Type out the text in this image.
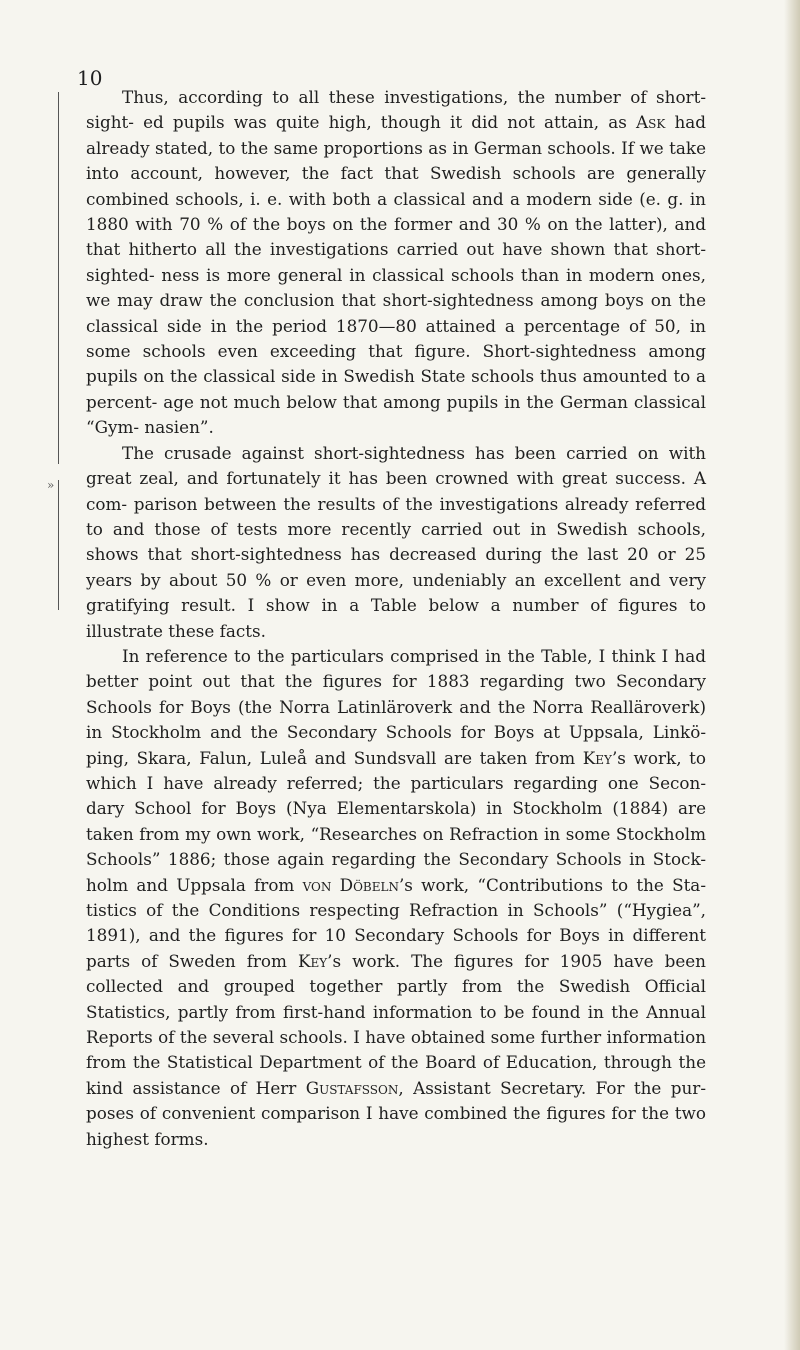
10
»

Thus, according to all these investigations, the number of short-sight- ed pupils was quite high, though it did not attain, as Ask had already stated, to the same proportions as in German schools. If we take into account, however, the fact that Swedish schools are generally combined schools, i. e. with both a classical and a modern side (e. g. in 1880 with 70 % of the boys on the former and 30 % on the latter), and that hitherto all the investigations carried out have shown that short-sighted- ness is more general in classical schools than in modern ones, we may draw the conclusion that short-sightedness among boys on the classical side in the period 1870—80 attained a percentage of 50, in some schools even exceeding that figure. Short-sightedness among pupils on the classical side in Swedish State schools thus amounted to a percent- age not much below that among pupils in the German classical “Gym- nasien”.

The crusade against short-sightedness has been carried on with great zeal, and fortunately it has been crowned with great success. A com- parison between the results of the investigations already referred to and those of tests more recently carried out in Swedish schools, shows that short-sightedness has decreased during the last 20 or 25 years by about 50 % or even more, undeniably an excellent and very gratifying result. I show in a Table below a number of figures to illustrate these facts.

In reference to the particulars comprised in the Table, I think I had better point out that the figures for 1883 regarding two Secondary Schools for Boys (the Norra Latinläroverk and the Norra Realläroverk) in Stockholm and the Secondary Schools for Boys at Uppsala, Linkö- ping, Skara, Falun, Luleå and Sundsvall are taken from Key’s work, to which I have already referred; the particulars regarding one Secon- dary School for Boys (Nya Elementarskola) in Stockholm (1884) are taken from my own work, “Researches on Refraction in some Stockholm Schools” 1886; those again regarding the Secondary Schools in Stock- holm and Uppsala from von Döbeln’s work, “Contributions to the Sta- tistics of the Conditions respecting Refraction in Schools” (“Hygiea”, 1891), and the figures for 10 Secondary Schools for Boys in different parts of Sweden from Key’s work. The figures for 1905 have been collected and grouped together partly from the Swedish Official Statistics, partly from first-hand information to be found in the Annual Reports of the several schools. I have obtained some further information from the Statistical Department of the Board of Education, through the kind assistance of Herr Gustafsson, Assistant Secretary. For the pur- poses of convenient comparison I have combined the figures for the two highest forms.
